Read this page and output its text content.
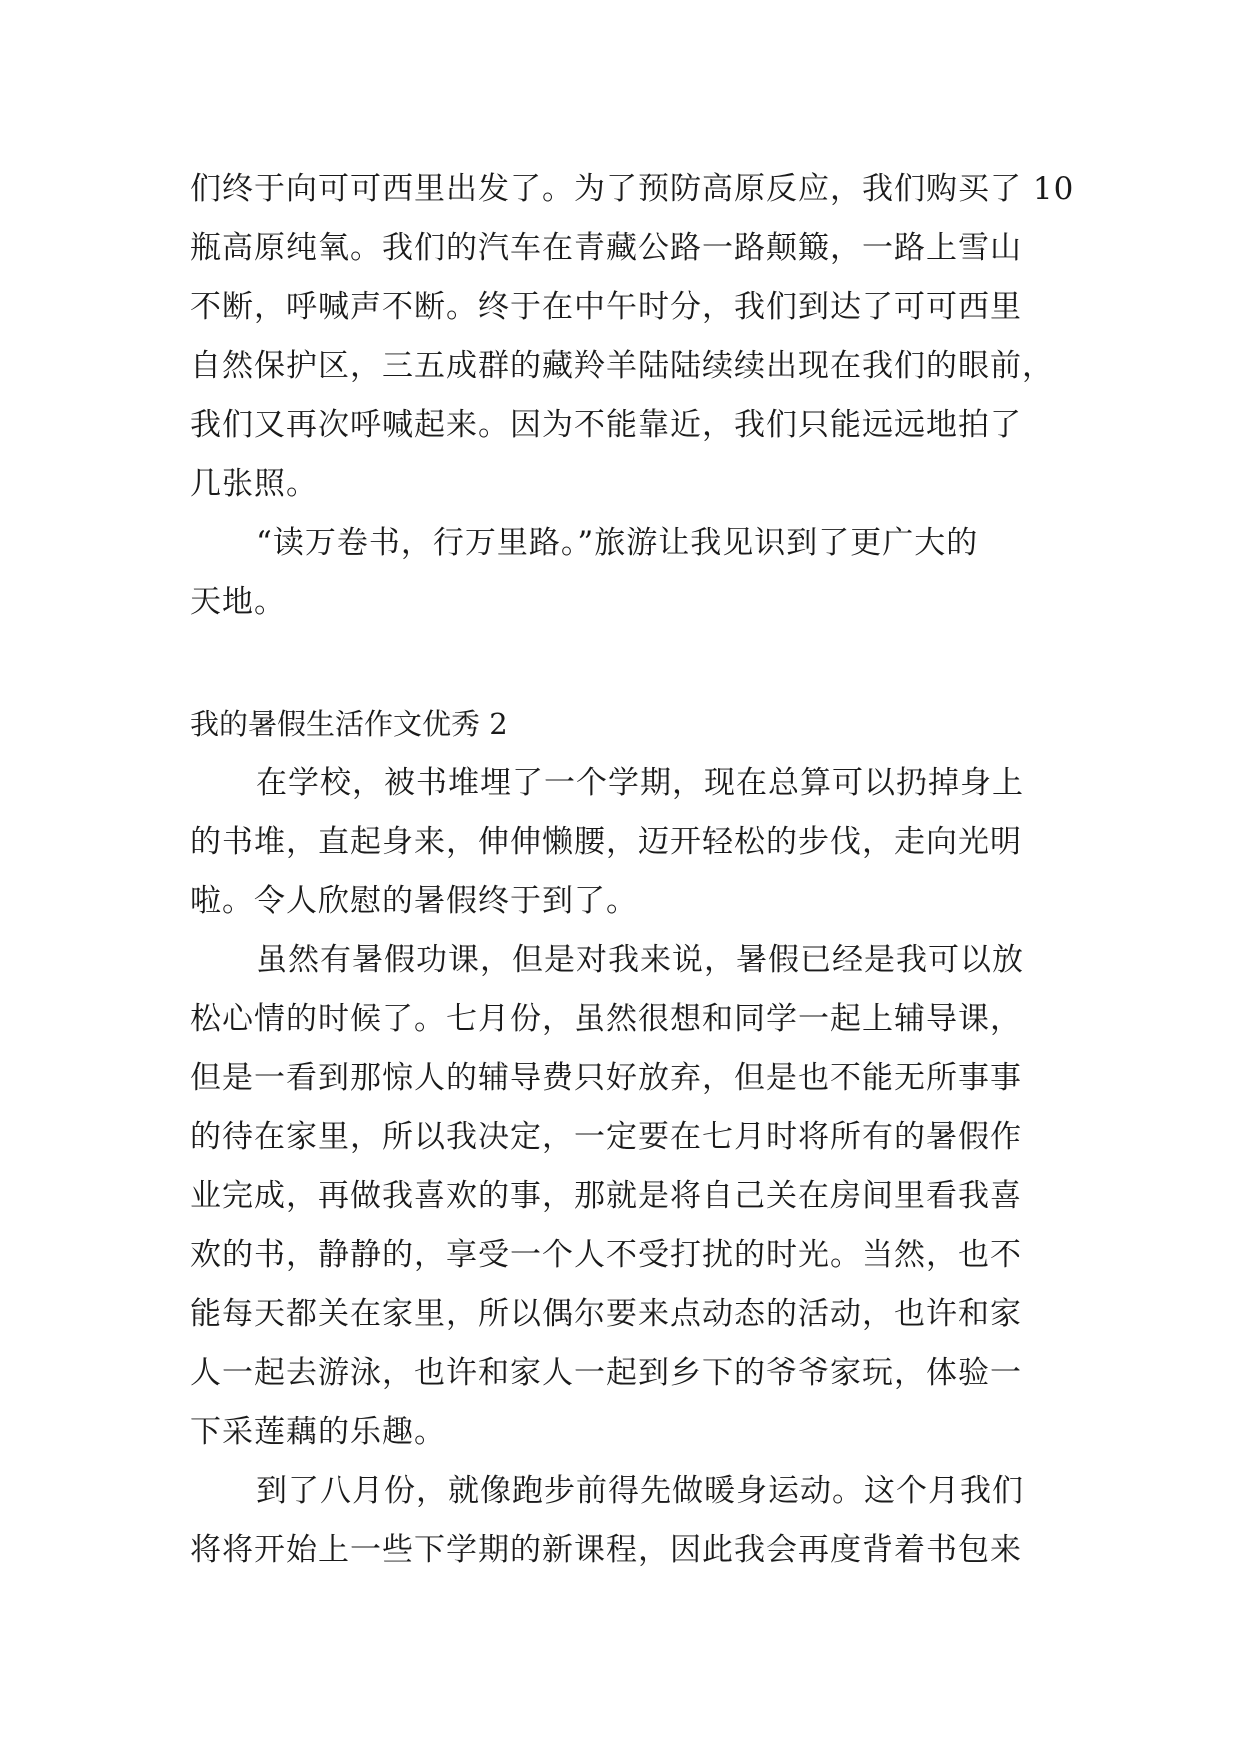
们终于向可可西里出发了。为了预防高原反应，我们购买了 10
瓶高原纯氧。我们的汽车在青藏公路一路颠簸，一路上雪山
不断，呼喊声不断。终于在中午时分，我们到达了可可西里
自然保护区，三五成群的藏羚羊陆陆续续出现在我们的眼前，
我们又再次呼喊起来。因为不能靠近，我们只能远远地拍了
几张照。
“读万卷书，行万里路。”旅游让我见识到了更广大的
天地。
我的暑假生活作文优秀 2
在学校，被书堆埋了一个学期，现在总算可以扔掉身上
的书堆，直起身来，伸伸懒腰，迈开轻松的步伐，走向光明
啦。令人欣慰的暑假终于到了。
虽然有暑假功课，但是对我来说，暑假已经是我可以放
松心情的时候了。七月份，虽然很想和同学一起上辅导课，
但是一看到那惊人的辅导费只好放弃，但是也不能无所事事
的待在家里，所以我决定，一定要在七月时将所有的暑假作
业完成，再做我喜欢的事，那就是将自己关在房间里看我喜
欢的书，静静的，享受一个人不受打扰的时光。当然，也不
能每天都关在家里，所以偶尔要来点动态的活动，也许和家
人一起去游泳，也许和家人一起到乡下的爷爷家玩，体验一
下采莲藕的乐趣。
到了八月份，就像跑步前得先做暖身运动。这个月我们
将将开始上一些下学期的新课程，因此我会再度背着书包来
